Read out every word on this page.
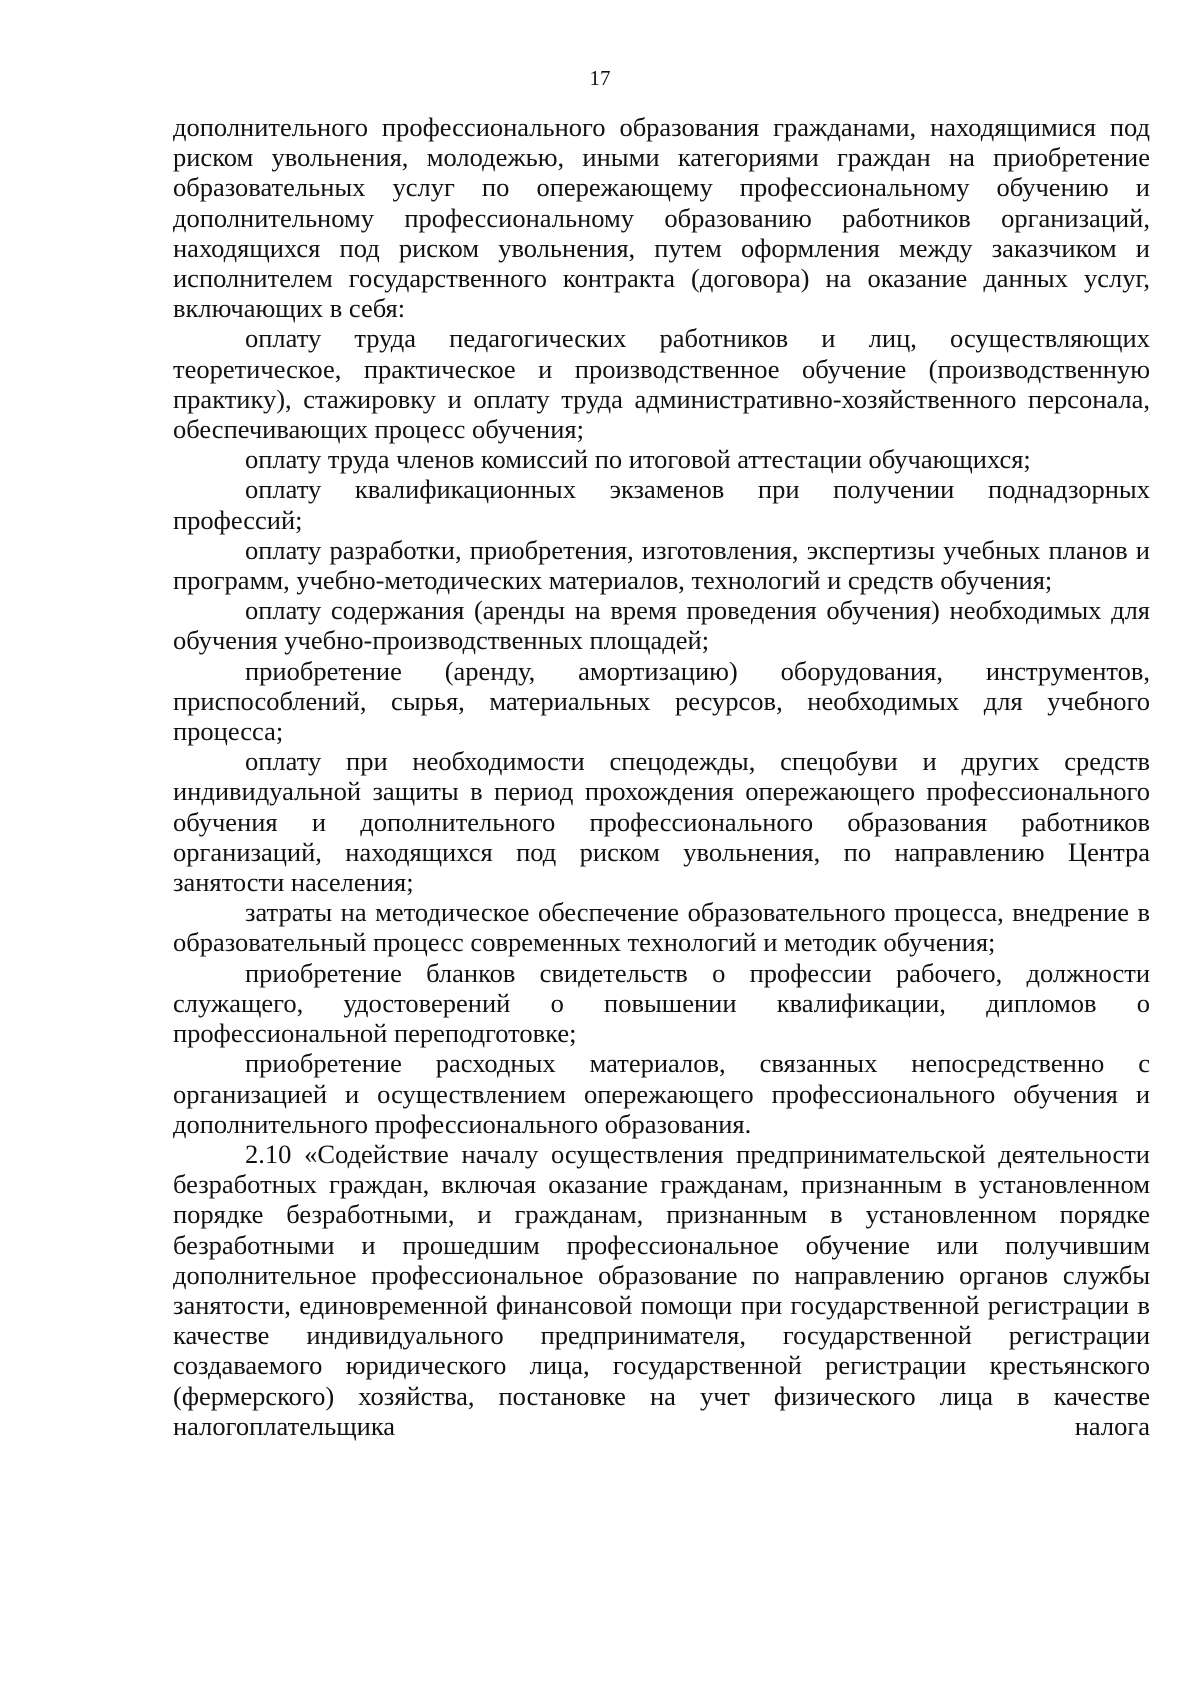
17

дополнительного профессионального образования гражданами, находящимися под риском увольнения, молодежью, иными категориями граждан на приобретение образовательных услуг по опережающему профессиональному обучению и дополнительному профессиональному образованию работников организаций, находящихся под риском увольнения, путем оформления между заказчиком и исполнителем государственного контракта (договора) на оказание данных услуг, включающих в себя:

оплату труда педагогических работников и лиц, осуществляющих теоретическое, практическое и производственное обучение (производственную практику), стажировку и оплату труда административно-хозяйственного персонала, обеспечивающих процесс обучения;

оплату труда членов комиссий по итоговой аттестации обучающихся;

оплату квалификационных экзаменов при получении поднадзорных профессий;

оплату разработки, приобретения, изготовления, экспертизы учебных планов и программ, учебно-методических материалов, технологий и средств обучения;

оплату содержания (аренды на время проведения обучения) необходимых для обучения учебно-производственных площадей;

приобретение (аренду, амортизацию) оборудования, инструментов, приспособлений, сырья, материальных ресурсов, необходимых для учебного процесса;

оплату при необходимости спецодежды, спецобуви и других средств индивидуальной защиты в период прохождения опережающего профессионального обучения и дополнительного профессионального образования работников организаций, находящихся под риском увольнения, по направлению Центра занятости населения;

затраты на методическое обеспечение образовательного процесса, внедрение в образовательный процесс современных технологий и методик обучения;

приобретение бланков свидетельств о профессии рабочего, должности служащего, удостоверений о повышении квалификации, дипломов о профессиональной переподготовке;

приобретение расходных материалов, связанных непосредственно с организацией и осуществлением опережающего профессионального обучения и дополнительного профессионального образования.

2.10 «Содействие началу осуществления предпринимательской деятельности безработных граждан, включая оказание гражданам, признанным в установленном порядке безработными, и гражданам, признанным в установленном порядке безработными и прошедшим профессиональное обучение или получившим дополнительное профессиональное образование по направлению органов службы занятости, единовременной финансовой помощи при государственной регистрации в качестве индивидуального предпринимателя, государственной регистрации создаваемого юридического лица, государственной регистрации крестьянского (фермерского) хозяйства, постановке на учет физического лица в качестве налогоплательщика налога
